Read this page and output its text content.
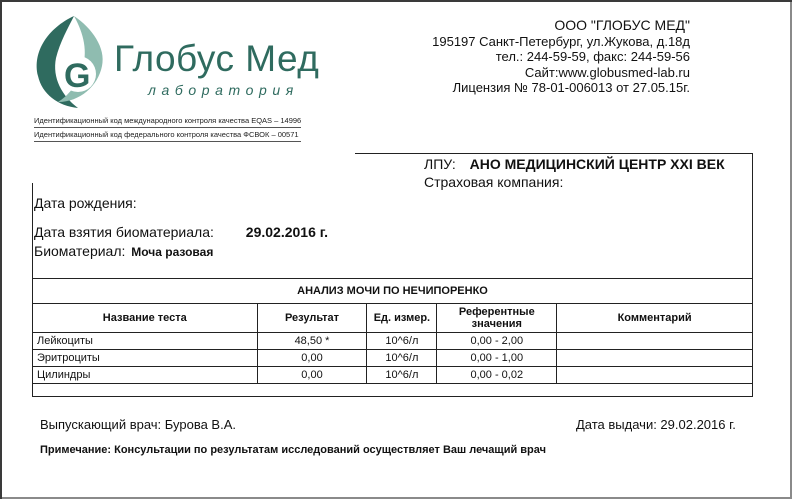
G Глобус Мед
лаборатория
ООО "ГЛОБУС МЕД"
195197 Санкт-Петербург, ул.Жукова, д.18д
тел.: 244-59-59, факс: 244-59-56
Сайт:www.globusmed-lab.ru
Лицензия № 78-01-006013 от 27.05.15г.
Идентификационный код международного контроля качества EQAS – 14996
Идентификационный код федерального контроля качества ФСВОК – 00571
ЛПУ: АНО МЕДИЦИНСКИЙ ЦЕНТР XXI ВЕК
Страховая компания:
Дата рождения:
Дата взятия биоматериала: 29.02.2016 г.
Биоматериал: Моча разовая
АНАЛИЗ МОЧИ ПО НЕЧИПОРЕНКО				
Название теста	Результат	Ед. измер.	Референтные значения	Комментарий
Лейкоциты	48,50 *	10^6/л	0,00 - 2,00	
Эритроциты	0,00	10^6/л	0,00 - 1,00	
Цилиндры	0,00	10^6/л	0,00 - 0,02	
Выпускающий врач: Бурова В.А.	Дата выдачи: 29.02.2016 г.
Примечание: Консультации по результатам исследований осуществляет Ваш лечащий врач
